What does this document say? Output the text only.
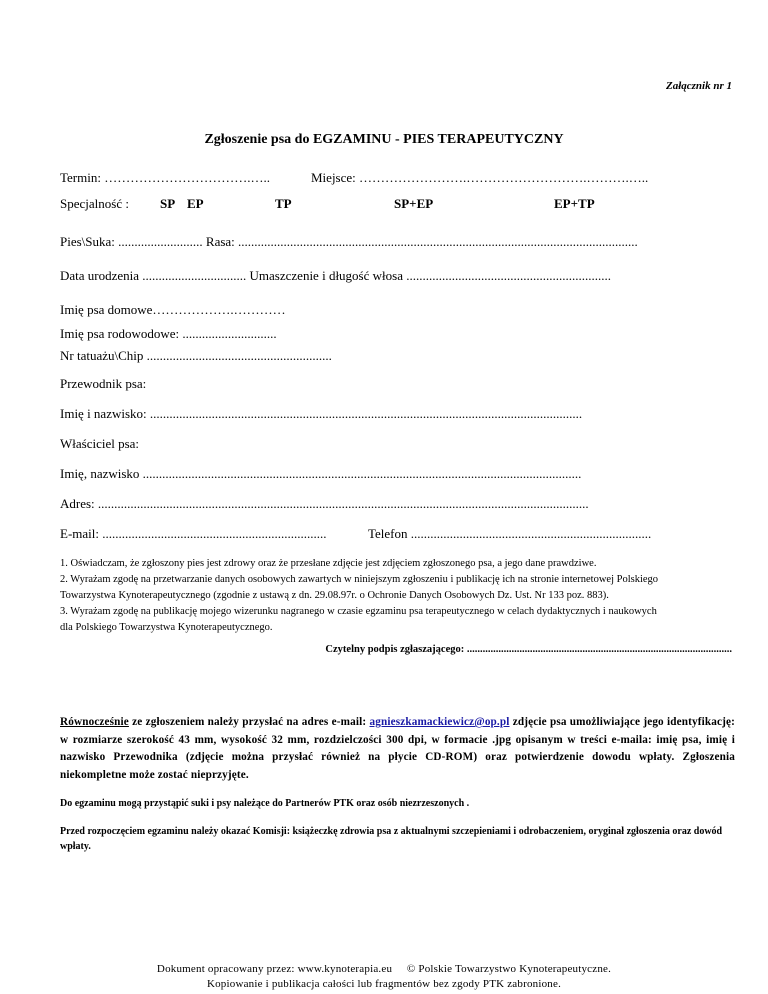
Załącznik nr 1
Zgłoszenie psa do EGZAMINU - PIES TERAPEUTYCZNY
Termin: …………………………….…..	Miejsce: …………………….……………………….……….…..
Specjalność : SP EP	TP	SP+EP	EP+TP
Pies\Suka: .......................... Rasa: ...........................................................................................................................
Data urodzenia ................................ Umaszczenie i długość włosa ...............................................................
Imię psa domowe……………….…………
Imię psa rodowodowe: .............................
Nr tatuażu\Chip .........................................................
Przewodnik psa:
Imię i nazwisko: .....................................................................................................................................
Właściciel psa:
Imię, nazwisko .......................................................................................................................................
Adres: .......................................................................................................................................................
E-mail: .....................................................................	Telefon ..........................................................................
1. Oświadczam, że zgłoszony pies jest zdrowy oraz że przesłane zdjęcie jest zdjęciem zgłoszonego psa, a jego dane prawdziwe.
2. Wyrażam zgodę na przetwarzanie danych osobowych zawartych w niniejszym zgłoszeniu i publikację ich na stronie internetowej Polskiego
Towarzystwa Kynoterapeutycznego (zgodnie z ustawą z dn. 29.08.97r. o Ochronie Danych Osobowych Dz. Ust. Nr 133 poz. 883).
3. Wyrażam zgodę na publikację mojego wizerunku nagranego w czasie egzaminu psa terapeutycznego w celach dydaktycznych i naukowych
dla Polskiego Towarzystwa Kynoterapeutycznego.
Czytelny podpis zgłaszającego: .....................................................................................................
Równocześnie ze zgłoszeniem należy przysłać na adres e-mail: agnieszkamackiewicz@op.pl zdjęcie psa umożliwiające jego identyfikację: w rozmiarze szerokość 43 mm, wysokość 32 mm, rozdzielczości 300 dpi, w formacie .jpg opisanym w treści e-maila: imię psa, imię i nazwisko Przewodnika (zdjęcie można przysłać również na płycie CD-ROM) oraz potwierdzenie dowodu wpłaty. Zgłoszenia niekompletne może zostać nieprzyjęte.
Do egzaminu mogą przystąpić suki i psy należące do Partnerów PTK oraz osób niezrzeszonych .
Przed rozpoczęciem egzaminu należy okazać Komisji: książeczkę zdrowia psa z aktualnymi szczepieniami i odrobaczeniem, oryginał zgłoszenia oraz dowód wpłaty.
Dokument opracowany przez: www.kynoterapia.eu © Polskie Towarzystwo Kynoterapeutyczne.
Kopiowanie i publikacja całości lub fragmentów bez zgody PTK zabronione.
